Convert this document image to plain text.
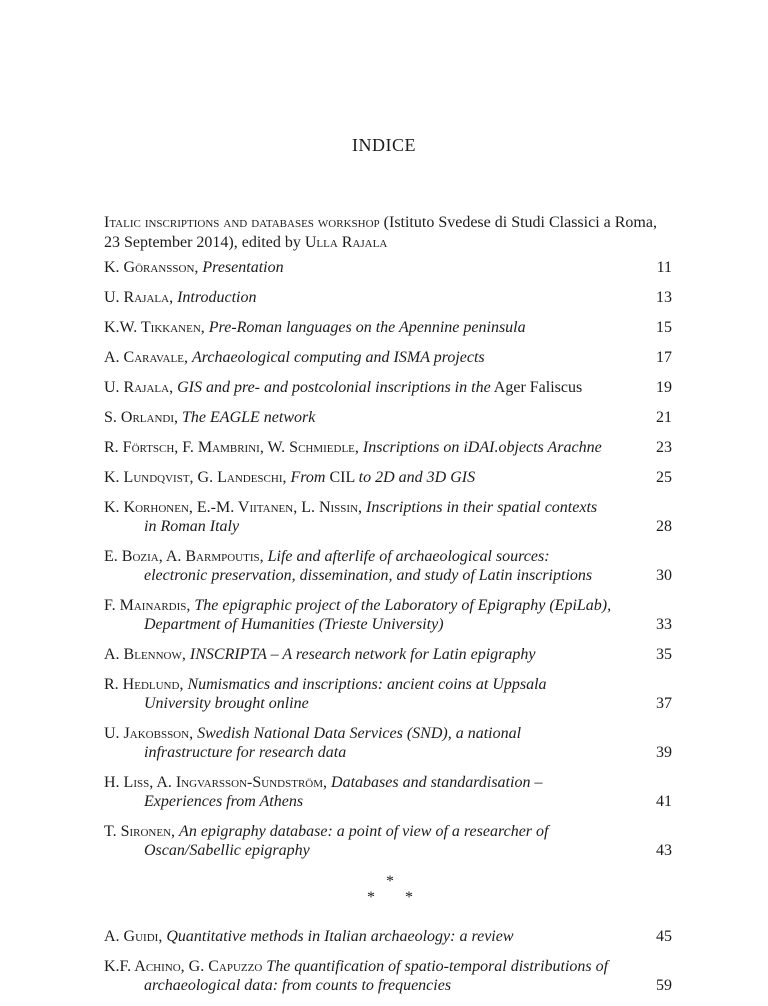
INDICE
Italic inscriptions and databases workshop (Istituto Svedese di Studi Classici a Roma, 23 September 2014), edited by Ulla Rajala
K. Göransson, Presentation	11
U. Rajala, Introduction	13
K.W. Tikkanen, Pre-Roman languages on the Apennine peninsula	15
A. Caravale, Archaeological computing and ISMA projects	17
U. Rajala, GIS and pre- and postcolonial inscriptions in the Ager Faliscus	19
S. Orlandi, The EAGLE network	21
R. Förtsch, F. Mambrini, W. Schmiedle, Inscriptions on iDAI.objects Arachne	23
K. Lundqvist, G. Landeschi, From CIL to 2D and 3D GIS	25
K. Korhonen, E.-M. Viitanen, L. Nissin, Inscriptions in their spatial contexts in Roman Italy	28
E. Bozia, A. Barmpoutis, Life and afterlife of archaeological sources: electronic preservation, dissemination, and study of Latin inscriptions	30
F. Mainardis, The epigraphic project of the Laboratory of Epigraphy (EpiLab), Department of Humanities (Trieste University)	33
A. Blennow, INSCRIPTA – A research network for Latin epigraphy	35
R. Hedlund, Numismatics and inscriptions: ancient coins at Uppsala University brought online	37
U. Jakobsson, Swedish National Data Services (SND), a national infrastructure for research data	39
H. Liss, A. Ingvarsson-Sundström, Databases and standardisation – Experiences from Athens	41
T. Sironen, An epigraphy database: a point of view of a researcher of Oscan/Sabellic epigraphy	43
*
* *
A. Guidi, Quantitative methods in Italian archaeology: a review	45
K.F. Achino, G. Capuzzo The quantification of spatio-temporal distributions of archaeological data: from counts to frequencies	59
